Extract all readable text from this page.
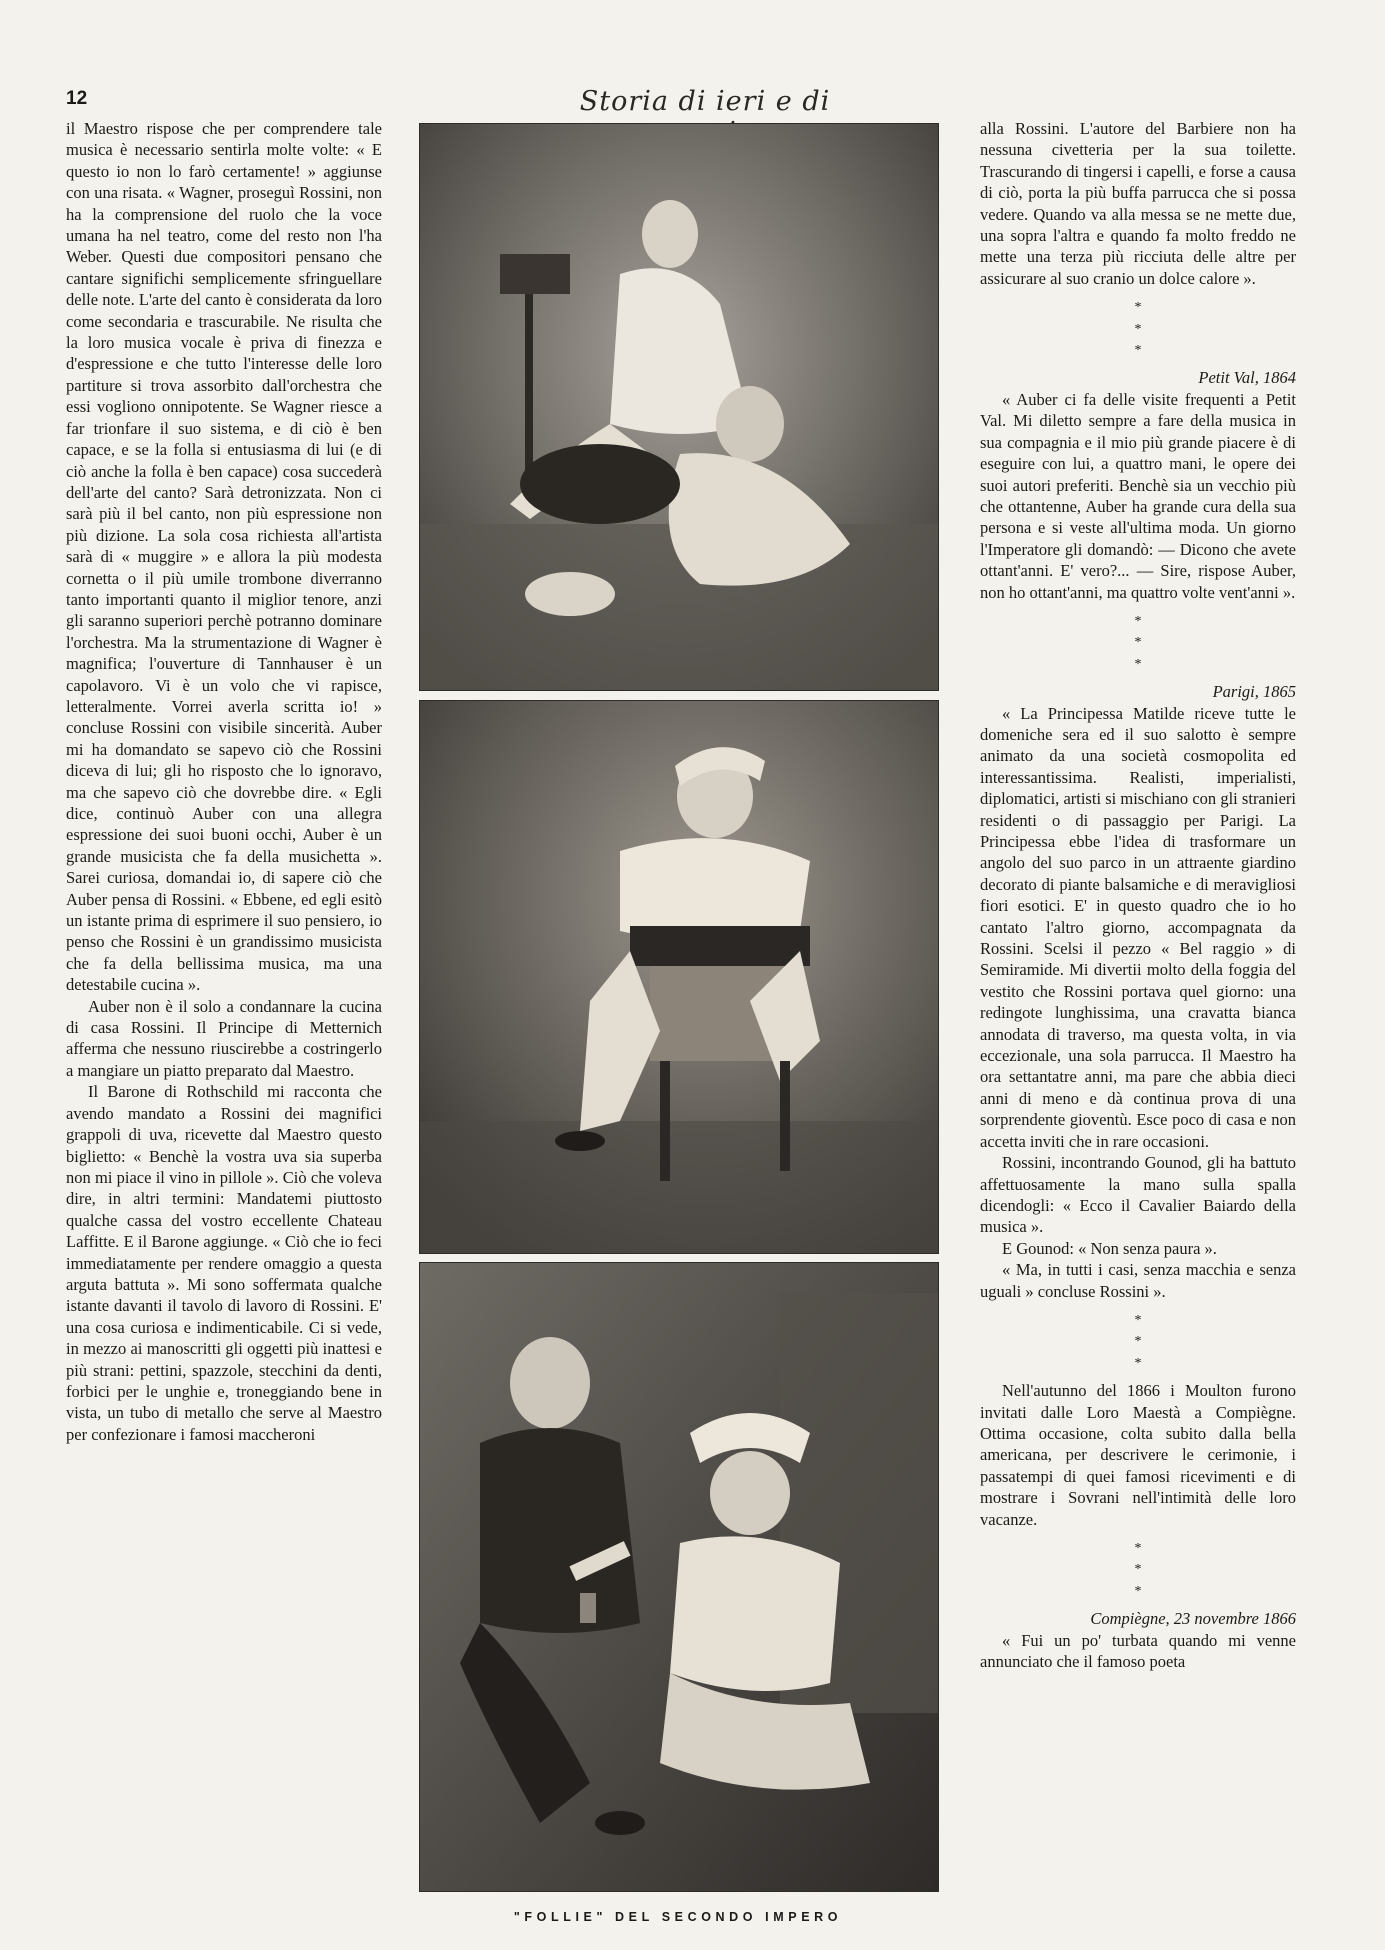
12	Storia di ieri e di

il Maestro rispose che per comprendere tale musica è necessario sentirla molte volte: « E questo io non lo farò certamente! » aggiunse con una risata. « Wagner, proseguì Rossini, non ha la comprensione del ruolo che la voce umana ha nel teatro, come del resto non l'ha Weber. Questi due compositori pensano che cantare significhi semplicemente sfringuellare delle note. L'arte del canto è considerata da loro come secondaria e trascurabile. Ne risulta che la loro musica vocale è priva di finezza e d'espressione e che tutto l'interesse delle loro partiture si trova assorbito dall'orchestra che essi vogliono onnipotente. Se Wagner riesce a far trionfare il suo sistema, e di ciò è ben capace, e se la folla si entusiasma di lui (e di ciò anche la folla è ben capace) cosa succederà dell'arte del canto? Sarà detronizzata. Non ci sarà più il bel canto, non più espressione non più dizione. La sola cosa richiesta all'artista sarà di « muggire » e allora la più modesta cornetta o il più umile trombone diverranno tanto importanti quanto il miglior tenore, anzi gli saranno superiori perchè potranno dominare l'orchestra. Ma la strumentazione di Wagner è magnifica; l'ouverture di Tannhauser è un capolavoro. Vi è un volo che vi rapisce, letteralmente. Vorrei averla scritta io! » concluse Rossini con visibile sincerità. Auber mi ha domandato se sapevo ciò che Rossini diceva di lui; gli ho risposto che lo ignoravo, ma che sapevo ciò che dovrebbe dire. « Egli dice, continuò Auber con una allegra espressione dei suoi buoni occhi, Auber è un grande musicista che fa della musichetta ». Sarei curiosa, domandai io, di sapere ciò che Auber pensa di Rossini. « Ebbene, ed egli esitò un istante prima di esprimere il suo pensiero, io penso che Rossini è un grandissimo musicista che fa della bellissima musica, ma una detestabile cucina ».

Auber non è il solo a condannare la cucina di casa Rossini. Il Principe di Metternich afferma che nessuno riuscirebbe a costringerlo a mangiare un piatto preparato dal Maestro.

Il Barone di Rothschild mi racconta che avendo mandato a Rossini dei magnifici grappoli di uva, ricevette dal Maestro questo biglietto: « Benchè la vostra uva sia superba non mi piace il vino in pillole ». Ciò che voleva dire, in altri termini: Mandatemi piuttosto qualche cassa del vostro eccellente Chateau Laffitte. E il Barone aggiunge. « Ciò che io feci immediatamente per rendere omaggio a questa arguta battuta ». Mi sono soffermata qualche istante davanti il tavolo di lavoro di Rossini. E' una cosa curiosa e indimenticabile. Ci si vede, in mezzo ai manoscritti gli oggetti più inattesi e più strani: pettini, spazzole, stecchini da denti, forbici per le unghie e, troneggiando bene in vista, un tubo di metallo che serve al Maestro per confezionare i famosi maccheroni

"FOLLIE" DEL SECONDO IMPERO

alla Rossini. L'autore del Barbiere non ha nessuna civetteria per la sua toilette. Trascurando di tingersi i capelli, e forse a causa di ciò, porta la più buffa parrucca che si possa vedere. Quando va alla messa se ne mette due, una sopra l'altra e quando fa molto freddo ne mette una terza più ricciuta delle altre per assicurare al suo cranio un dolce calore ».

* * *

Petit Val, 1864

« Auber ci fa delle visite frequenti a Petit Val. Mi diletto sempre a fare della musica in sua compagnia e il mio più grande piacere è di eseguire con lui, a quattro mani, le opere dei suoi autori preferiti. Benchè sia un vecchio più che ottantenne, Auber ha grande cura della sua persona e si veste all'ultima moda. Un giorno l'Imperatore gli domandò: — Dicono che avete ottant'anni. E' vero?... — Sire, rispose Auber, non ho ottant'anni, ma quattro volte vent'anni ».

* * *

Parigi, 1865

« La Principessa Matilde riceve tutte le domeniche sera ed il suo salotto è sempre animato da una società cosmopolita ed interessantissima. Realisti, imperialisti, diplomatici, artisti si mischiano con gli stranieri residenti o di passaggio per Parigi. La Principessa ebbe l'idea di trasformare un angolo del suo parco in un attraente giardino decorato di piante balsamiche e di meravigliosi fiori esotici. E' in questo quadro che io ho cantato l'altro giorno, accompagnata da Rossini. Scelsi il pezzo « Bel raggio » di Semiramide. Mi divertii molto della foggia del vestito che Rossini portava quel giorno: una redingote lunghissima, una cravatta bianca annodata di traverso, ma questa volta, in via eccezionale, una sola parrucca. Il Maestro ha ora settantatre anni, ma pare che abbia dieci anni di meno e dà continua prova di una sorprendente gioventù. Esce poco di casa e non accetta inviti che in rare occasioni.

Rossini, incontrando Gounod, gli ha battuto affettuosamente la mano sulla spalla dicendogli: « Ecco il Cavalier Baiardo della musica ».

E Gounod: « Non senza paura ».

« Ma, in tutti i casi, senza macchia e senza uguali » concluse Rossini ».

* * *

Nell'autunno del 1866 i Moulton furono invitati dalle Loro Maestà a Compiègne. Ottima occasione, colta subito dalla bella americana, per descrivere le cerimonie, i passatempi di quei famosi ricevimenti e di mostrare i Sovrani nell'intimità delle loro vacanze.

* * *

Compiègne, 23 novembre 1866

« Fui un po' turbata quando mi venne annunciato che il famoso poeta
